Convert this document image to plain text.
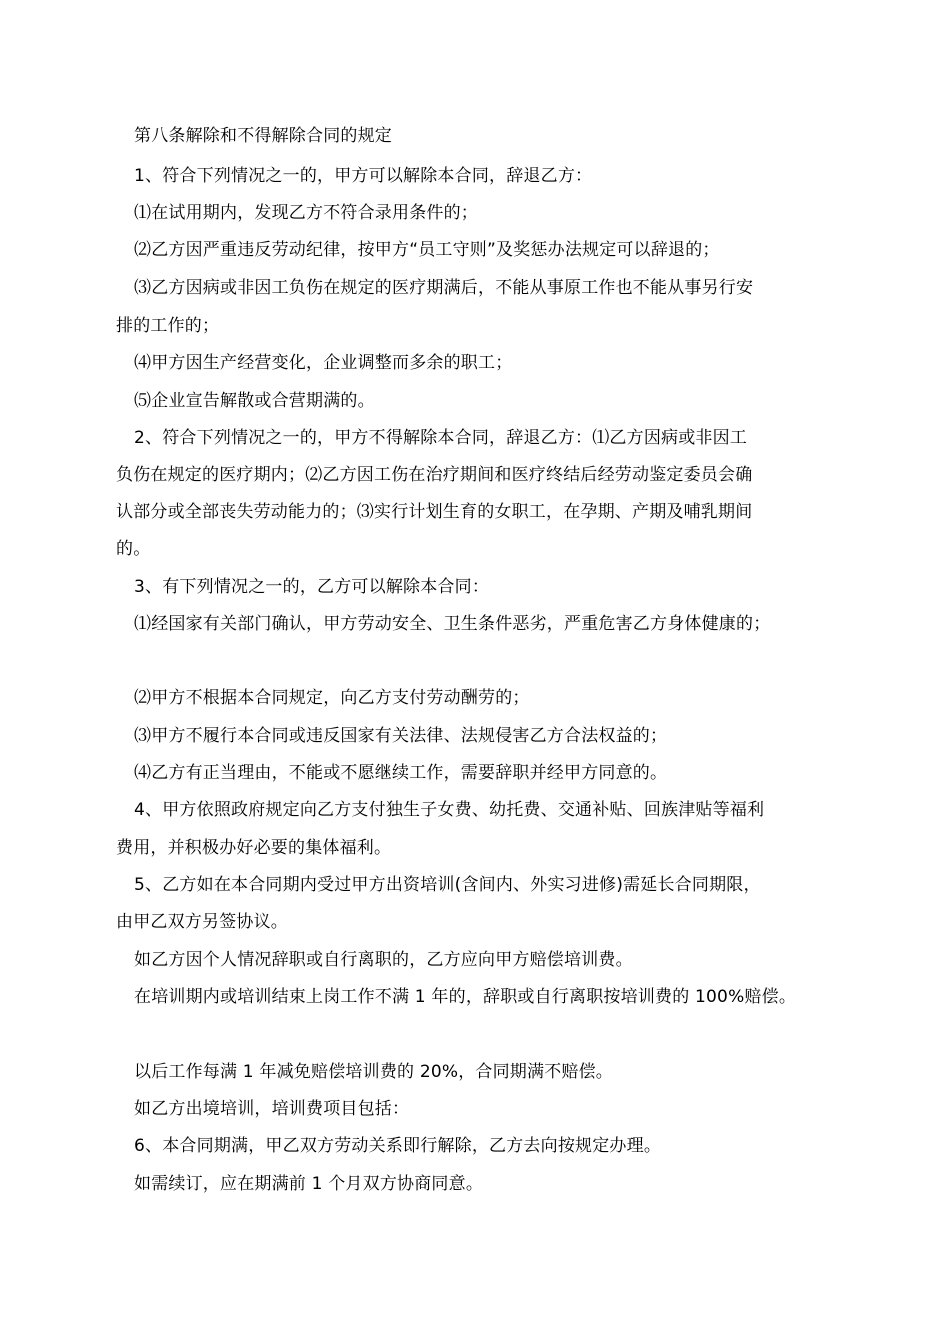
第八条解除和不得解除合同的规定
1、符合下列情况之一的，甲方可以解除本合同，辞退乙方：
⑴在试用期内，发现乙方不符合录用条件的；
⑵乙方因严重违反劳动纪律，按甲方“员工守则”及奖惩办法规定可以辞退的；
⑶乙方因病或非因工负伤在规定的医疗期满后，不能从事原工作也不能从事另行安
排的工作的；
⑷甲方因生产经营变化，企业调整而多余的职工；
⑸企业宣告解散或合营期满的。
2、符合下列情况之一的，甲方不得解除本合同，辞退乙方：⑴乙方因病或非因工
负伤在规定的医疗期内；⑵乙方因工伤在治疗期间和医疗终结后经劳动鉴定委员会确
认部分或全部丧失劳动能力的；⑶实行计划生育的女职工，在孕期、产期及哺乳期间
的。
3、有下列情况之一的，乙方可以解除本合同：
⑴经国家有关部门确认，甲方劳动安全、卫生条件恶劣，严重危害乙方身体健康的；
⑵甲方不根据本合同规定，向乙方支付劳动酬劳的；
⑶甲方不履行本合同或违反国家有关法律、法规侵害乙方合法权益的；
⑷乙方有正当理由，不能或不愿继续工作，需要辞职并经甲方同意的。
4、甲方依照政府规定向乙方支付独生子女费、幼托费、交通补贴、回族津贴等福利
费用，并积极办好必要的集体福利。
5、乙方如在本合同期内受过甲方出资培训(含间内、外实习进修)需延长合同期限，
由甲乙双方另签协议。
如乙方因个人情况辞职或自行离职的，乙方应向甲方赔偿培训费。
在培训期内或培训结束上岗工作不满 1 年的，辞职或自行离职按培训费的 100%赔偿。
以后工作每满 1 年减免赔偿培训费的 20%，合同期满不赔偿。
如乙方出境培训，培训费项目包括：
6、本合同期满，甲乙双方劳动关系即行解除，乙方去向按规定办理。
如需续订，应在期满前 1 个月双方协商同意。
